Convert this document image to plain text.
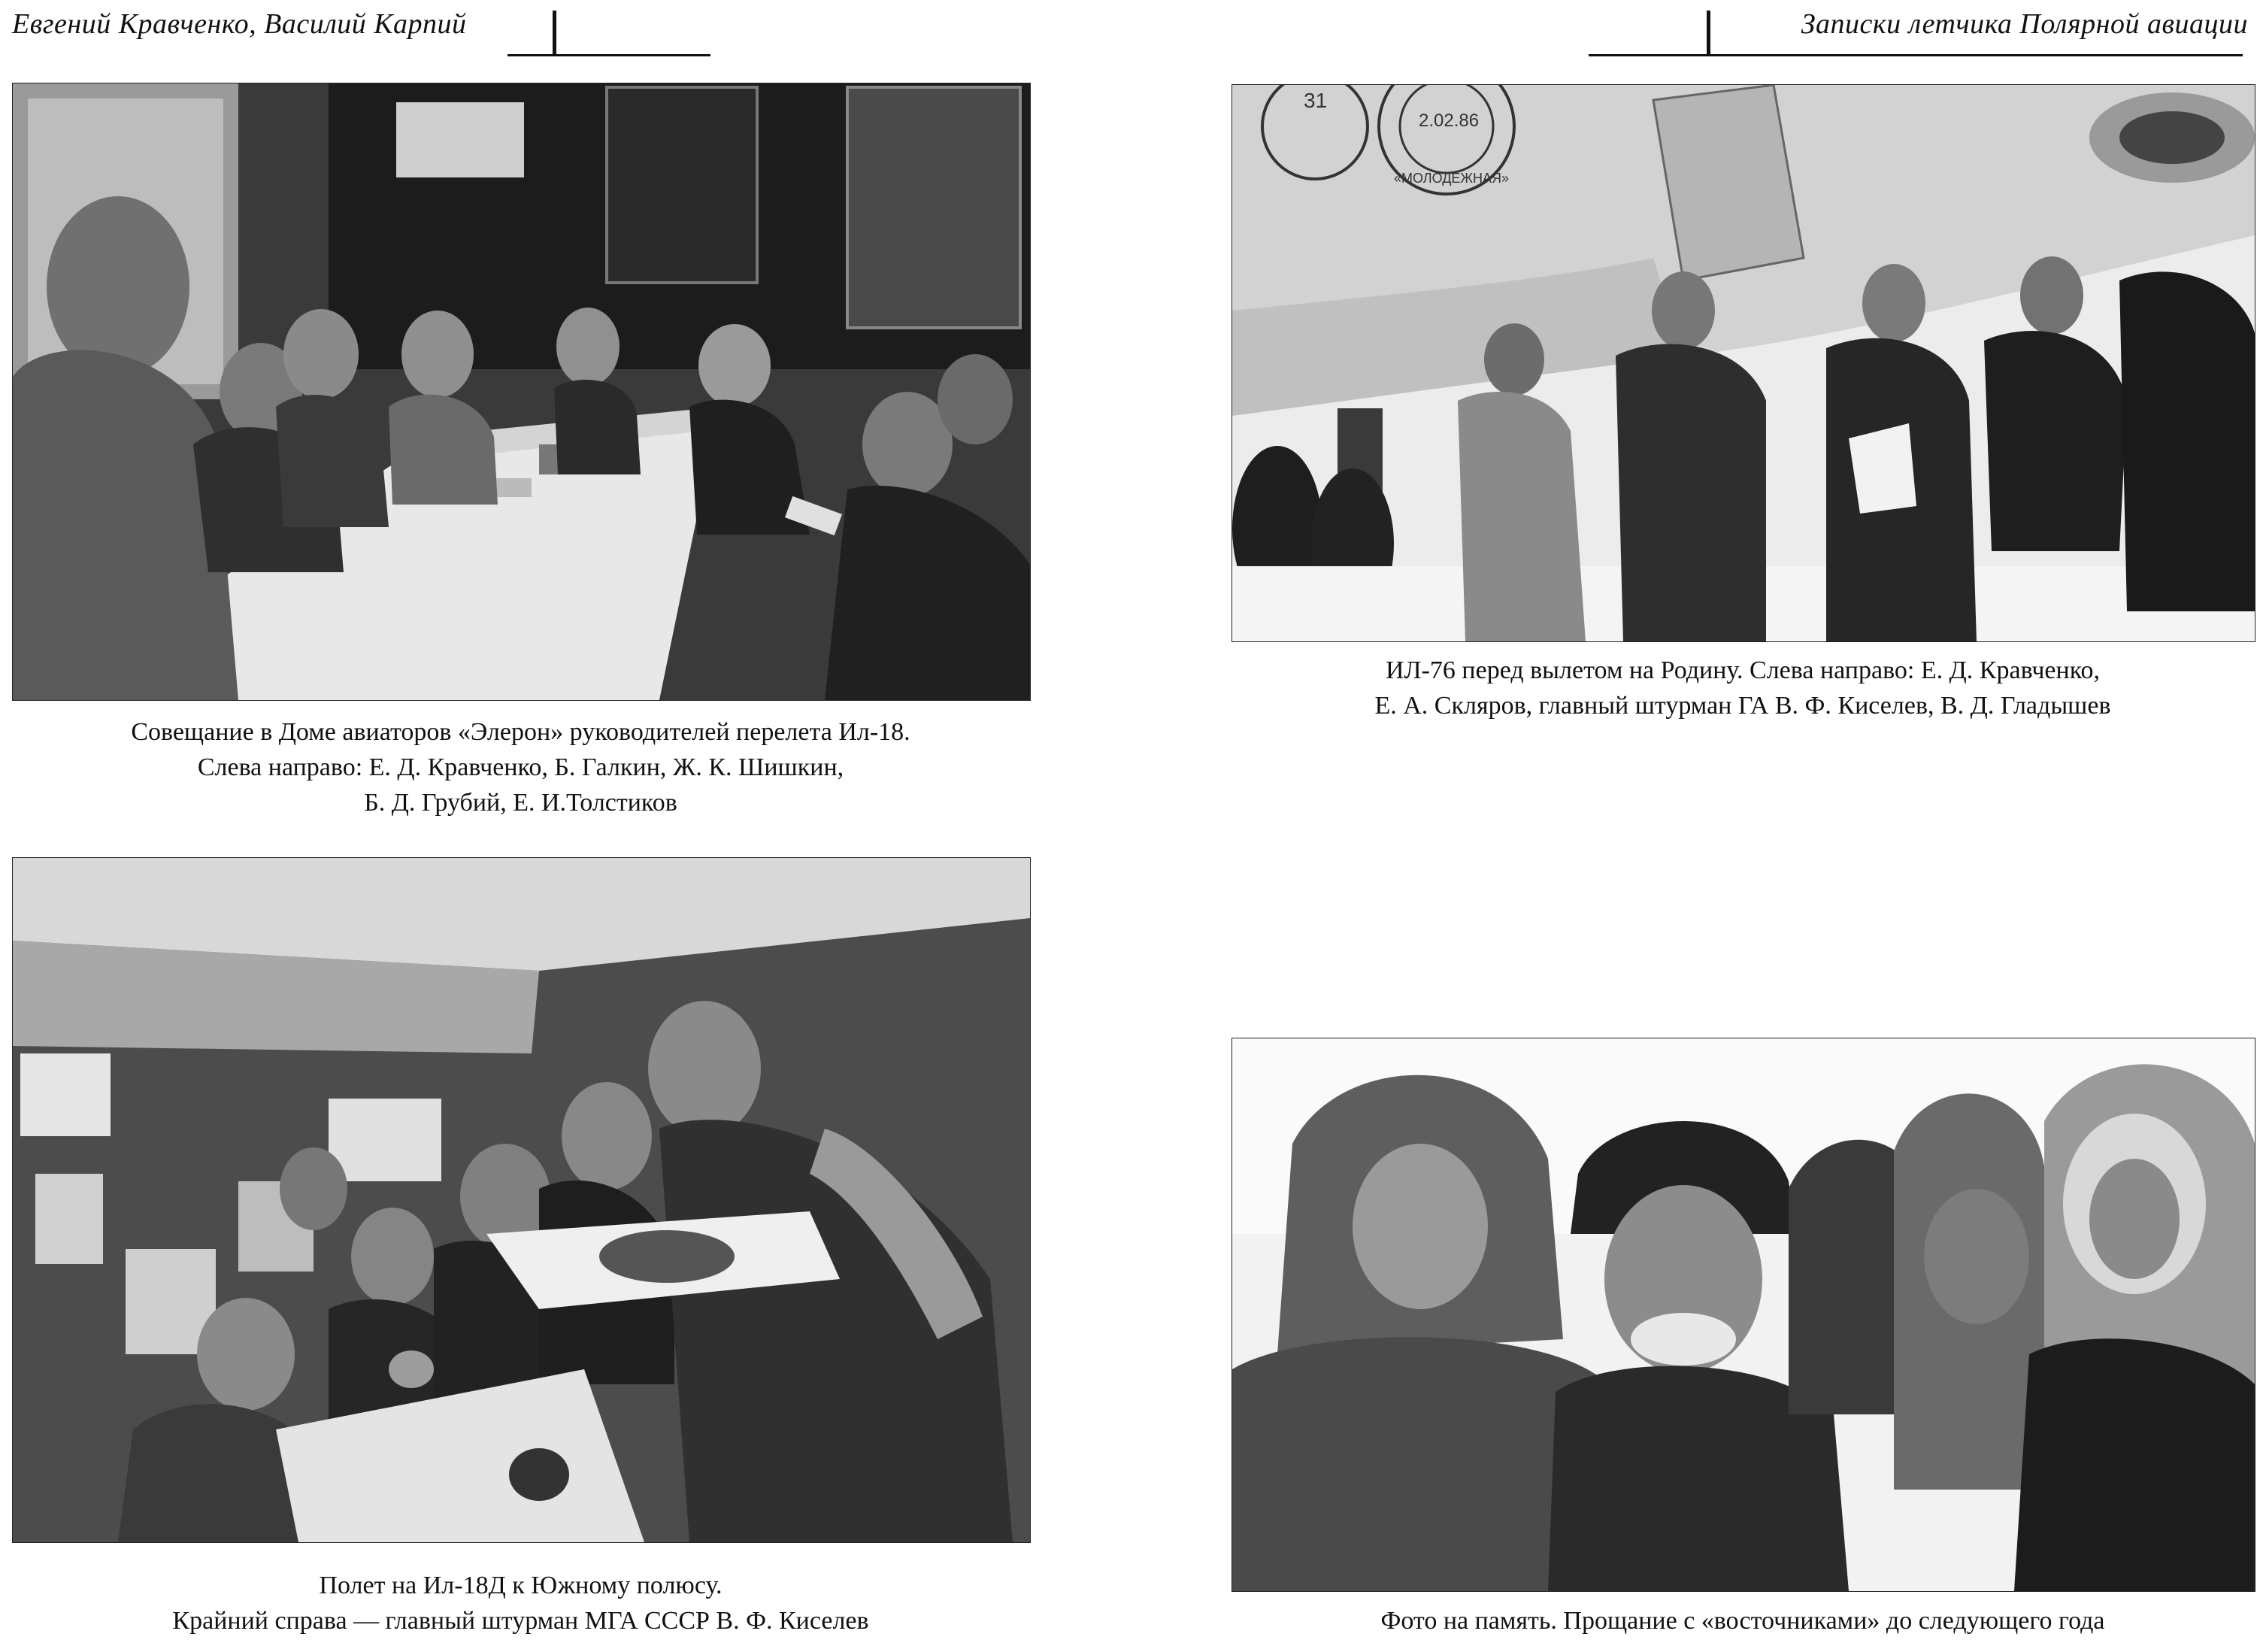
Евгений Кравченко, Василий Карпий
Совещание в Доме авиаторов «Элерон» руководителей перелета Ил-18.
Слева направо: Е. Д. Кравченко, Б. Галкин, Ж. К. Шишкин,
Б. Д. Грубий, Е. И.Толстиков
Полет на Ил-18Д к Южному полюсу.
Крайний справа — главный штурман МГА СССР В. Ф. Киселев
Записки летчика Полярной авиации
31
2.02.86
«МОЛОДЕЖНАЯ»
ИЛ-76 перед вылетом на Родину. Слева направо: Е. Д. Кравченко,
Е. А. Скляров, главный штурман ГА В. Ф. Киселев, В. Д. Гладышев
Фото на память. Прощание с «восточниками» до следующего года
